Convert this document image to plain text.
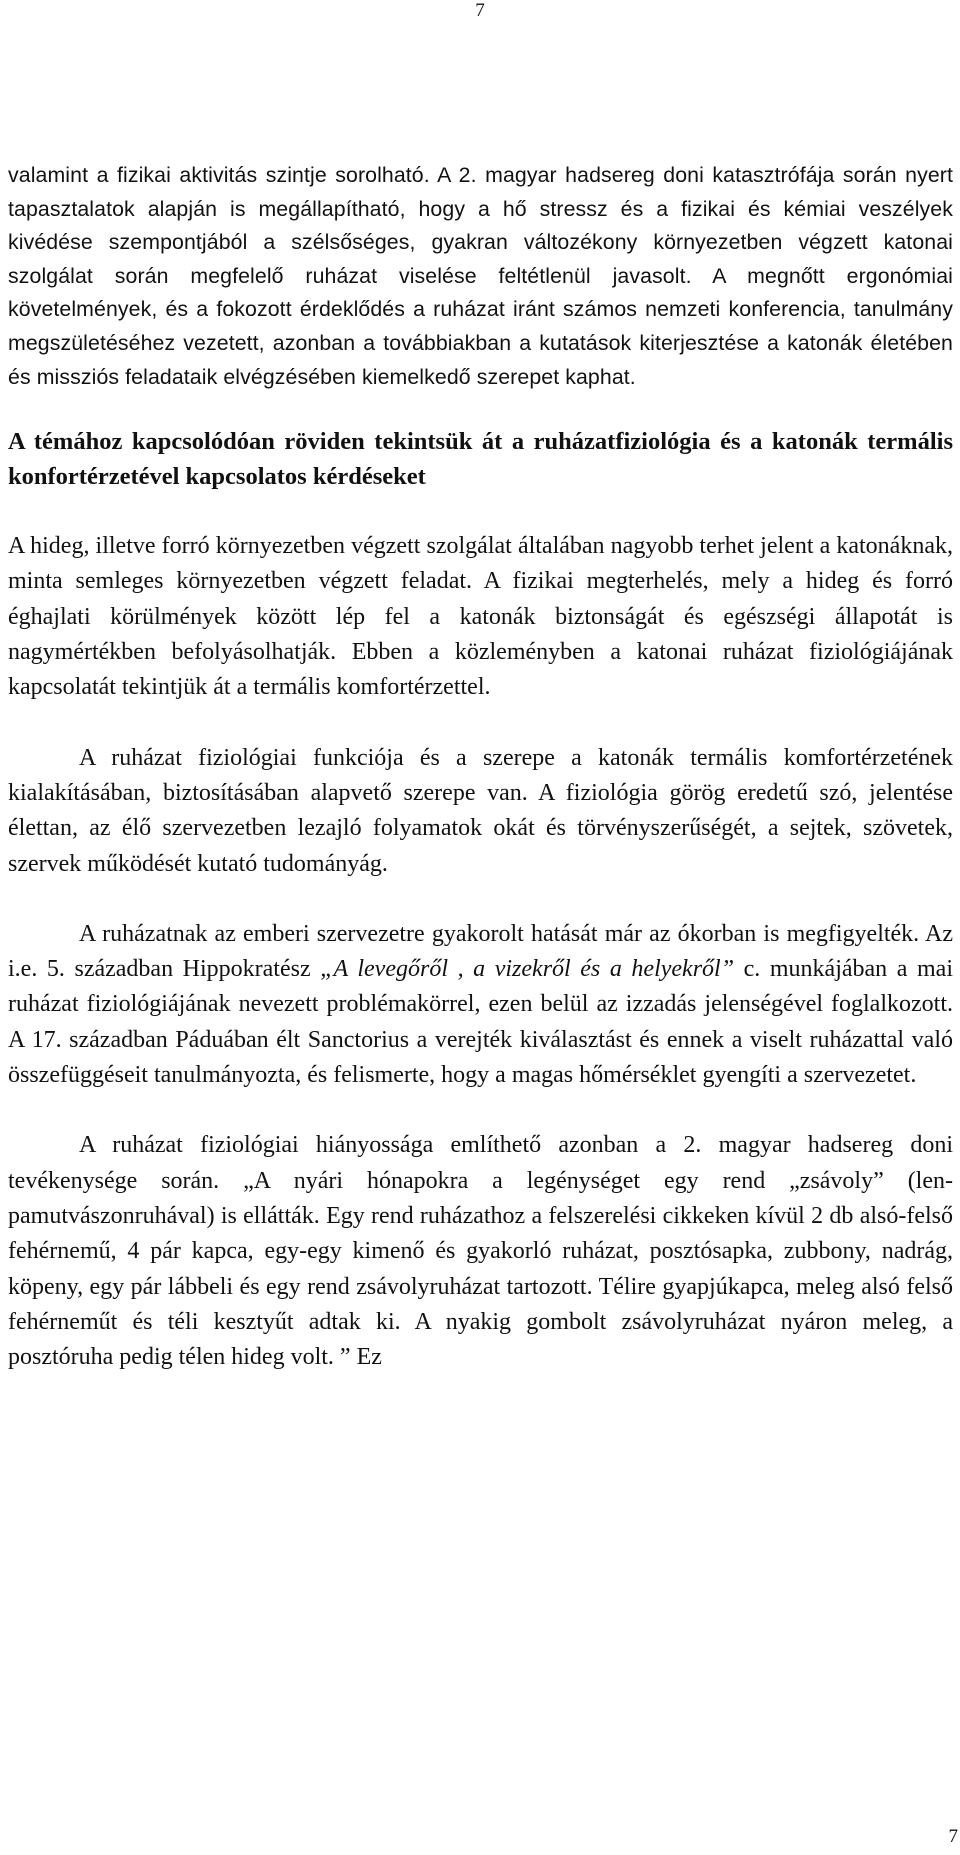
7

valamint a fizikai aktivitás szintje sorolható. A 2. magyar hadsereg doni katasztrófája során nyert tapasztalatok alapján is megállapítható, hogy a hő stressz és a fizikai és kémiai veszélyek kivédése szempontjából a szélsőséges, gyakran változékony környezetben végzett katonai szolgálat során megfelelő ruházat viselése feltétlenül javasolt. A megnőtt ergonómiai követelmények, és a fokozott érdeklődés a ruházat iránt számos nemzeti konferencia, tanulmány megszületéséhez vezetett, azonban a továbbiakban a kutatások kiterjesztése a katonák életében és missziós feladataik elvégzésében kiemelkedő szerepet kaphat.

A témához kapcsolódóan röviden tekintsük át a ruházatfiziológia és a katonák termális konfortérzetével kapcsolatos kérdéseket

A hideg, illetve forró környezetben végzett szolgálat általában nagyobb terhet jelent a katonáknak, minta semleges környezetben végzett feladat. A fizikai megterhelés, mely a hideg és forró éghajlati körülmények között lép fel a katonák biztonságát és egészségi állapotát is nagymértékben befolyásolhatják. Ebben a közleményben a katonai ruházat fiziológiájának kapcsolatát tekintjük át a termális komfortérzettel.

A ruházat fiziológiai funkciója és a szerepe a katonák termális komfortérzetének kialakításában, biztosításában alapvető szerepe van. A fiziológia görög eredetű szó, jelentése élettan, az élő szervezetben lezajló folyamatok okát és törvényszerűségét, a sejtek, szövetek, szervek működését kutató tudományág.

A ruházatnak az emberi szervezetre gyakorolt hatását már az ókorban is megfigyelték. Az i.e. 5. században Hippokratész „A levegőről , a vizekről és a helyekről” c. munkájában a mai ruházat fiziológiájának nevezett problémakörrel, ezen belül az izzadás jelenségével foglalkozott. A 17. században Páduában élt Sanctorius a verejték kiválasztást és ennek a viselt ruházattal való összefüggéseit tanulmányozta, és felismerte, hogy a magas hőmérséklet gyengíti a szervezetet.

A ruházat fiziológiai hiányossága említhető azonban a 2. magyar hadsereg doni tevékenysége során. „A nyári hónapokra a legénységet egy rend „zsávoly” (len-pamutvászonruhával) is ellátták. Egy rend ruházathoz a felszerelési cikkeken kívül 2 db alsó-felső fehérnemű, 4 pár kapca, egy-egy kimenő és gyakorló ruházat, posztósapka, zubbony, nadrág, köpeny, egy pár lábbeli és egy rend zsávolyruházat tartozott. Télire gyapjúkapca, meleg alsó felső fehérneműt és téli kesztyűt adtak ki. A nyakig gombolt zsávolyruházat nyáron meleg, a posztóruha pedig télen hideg volt. ” Ez

7
